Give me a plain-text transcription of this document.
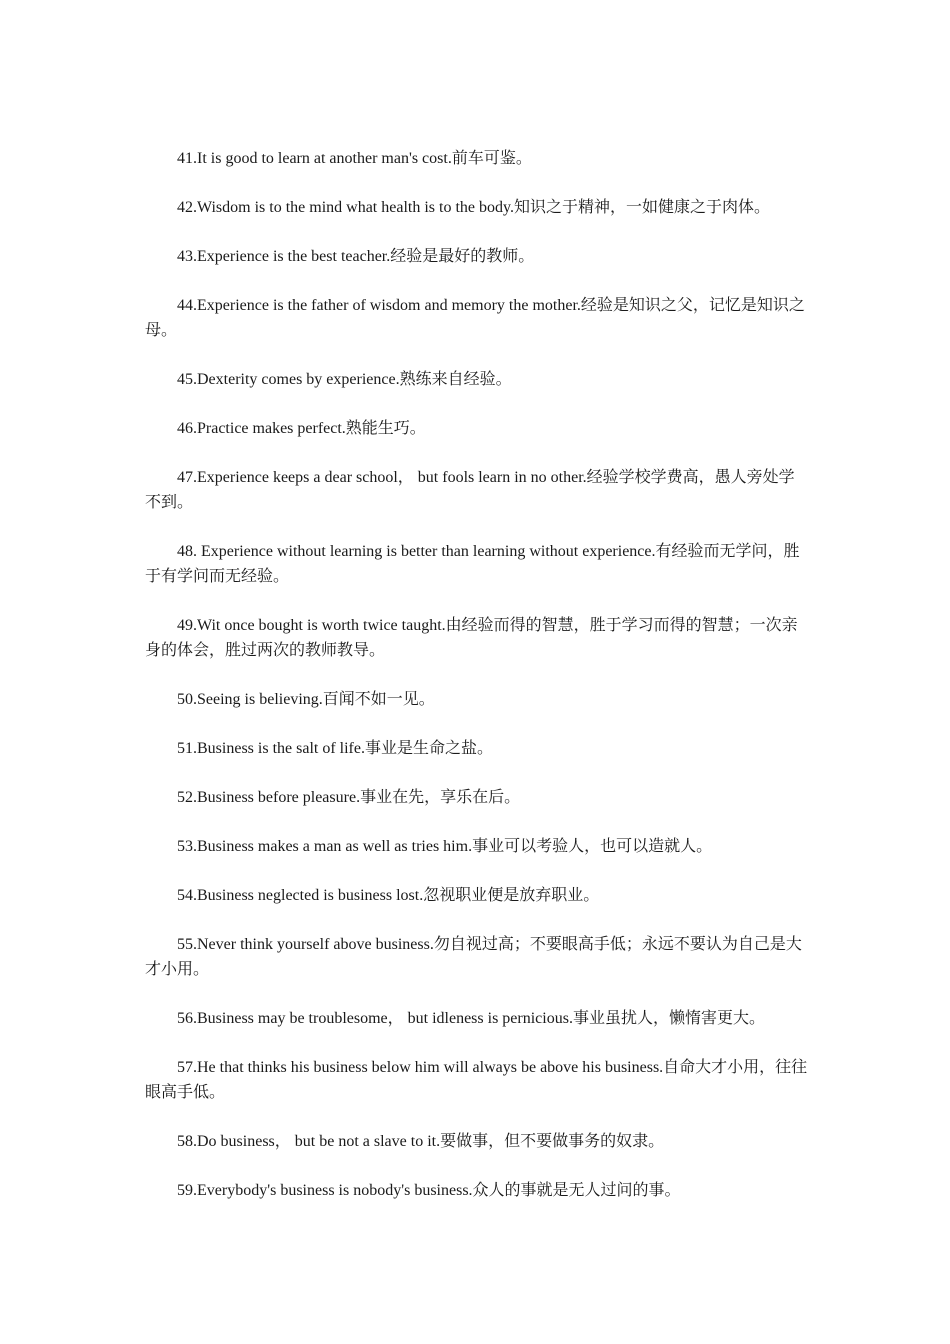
41.It is good to learn at another man's cost.前车可鉴。

42.Wisdom is to the mind what health is to the body.知识之于精神，一如健康之于肉体。

43.Experience is the best teacher.经验是最好的教师。

44.Experience is the father of wisdom and memory the mother.经验是知识之父，记忆是知识之母。

45.Dexterity comes by experience.熟练来自经验。

46.Practice makes perfect.熟能生巧。

47.Experience keeps a dear school， but fools learn in no other.经验学校学费高，愚人旁处学不到。

48. Experience without learning is better than learning without experience.有经验而无学问，胜于有学问而无经验。

49.Wit once bought is worth twice taught.由经验而得的智慧，胜于学习而得的智慧；一次亲身的体会，胜过两次的教师教导。

50.Seeing is believing.百闻不如一见。

51.Business is the salt of life.事业是生命之盐。

52.Business before pleasure.事业在先，享乐在后。

53.Business makes a man as well as tries him.事业可以考验人，也可以造就人。

54.Business neglected is business lost.忽视职业便是放弃职业。

55.Never think yourself above business.勿自视过高；不要眼高手低；永远不要认为自己是大才小用。

56.Business may be troublesome， but idleness is pernicious.事业虽扰人，懒惰害更大。

57.He that thinks his business below him will always be above his business.自命大才小用，往往眼高手低。

58.Do business， but be not a slave to it.要做事，但不要做事务的奴隶。

59.Everybody's business is nobody's business.众人的事就是无人过问的事。
